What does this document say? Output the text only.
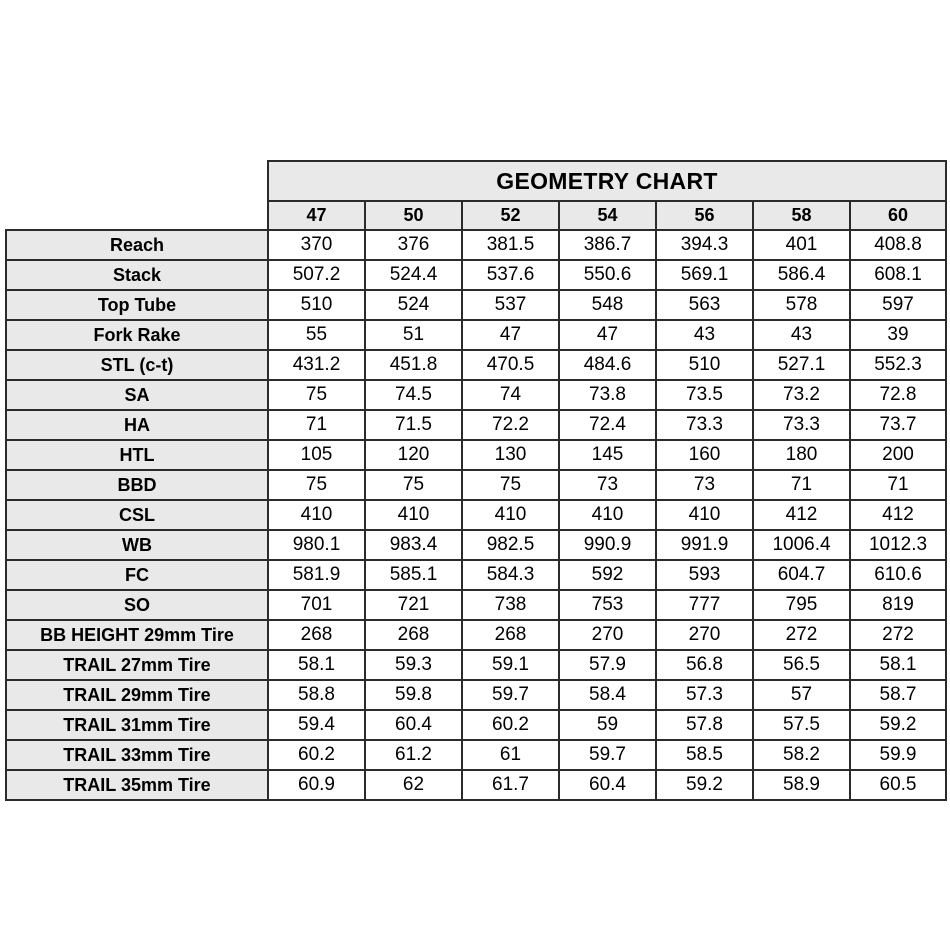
	GEOMETRY CHART						
	47	50	52	54	56	58	60
Reach	370	376	381.5	386.7	394.3	401	408.8
Stack	507.2	524.4	537.6	550.6	569.1	586.4	608.1
Top Tube	510	524	537	548	563	578	597
Fork Rake	55	51	47	47	43	43	39
STL (c-t)	431.2	451.8	470.5	484.6	510	527.1	552.3
SA	75	74.5	74	73.8	73.5	73.2	72.8
HA	71	71.5	72.2	72.4	73.3	73.3	73.7
HTL	105	120	130	145	160	180	200
BBD	75	75	75	73	73	71	71
CSL	410	410	410	410	410	412	412
WB	980.1	983.4	982.5	990.9	991.9	1006.4	1012.3
FC	581.9	585.1	584.3	592	593	604.7	610.6
SO	701	721	738	753	777	795	819
BB HEIGHT 29mm Tire	268	268	268	270	270	272	272
TRAIL 27mm Tire	58.1	59.3	59.1	57.9	56.8	56.5	58.1
TRAIL 29mm Tire	58.8	59.8	59.7	58.4	57.3	57	58.7
TRAIL 31mm Tire	59.4	60.4	60.2	59	57.8	57.5	59.2
TRAIL 33mm Tire	60.2	61.2	61	59.7	58.5	58.2	59.9
TRAIL 35mm Tire	60.9	62	61.7	60.4	59.2	58.9	60.5
